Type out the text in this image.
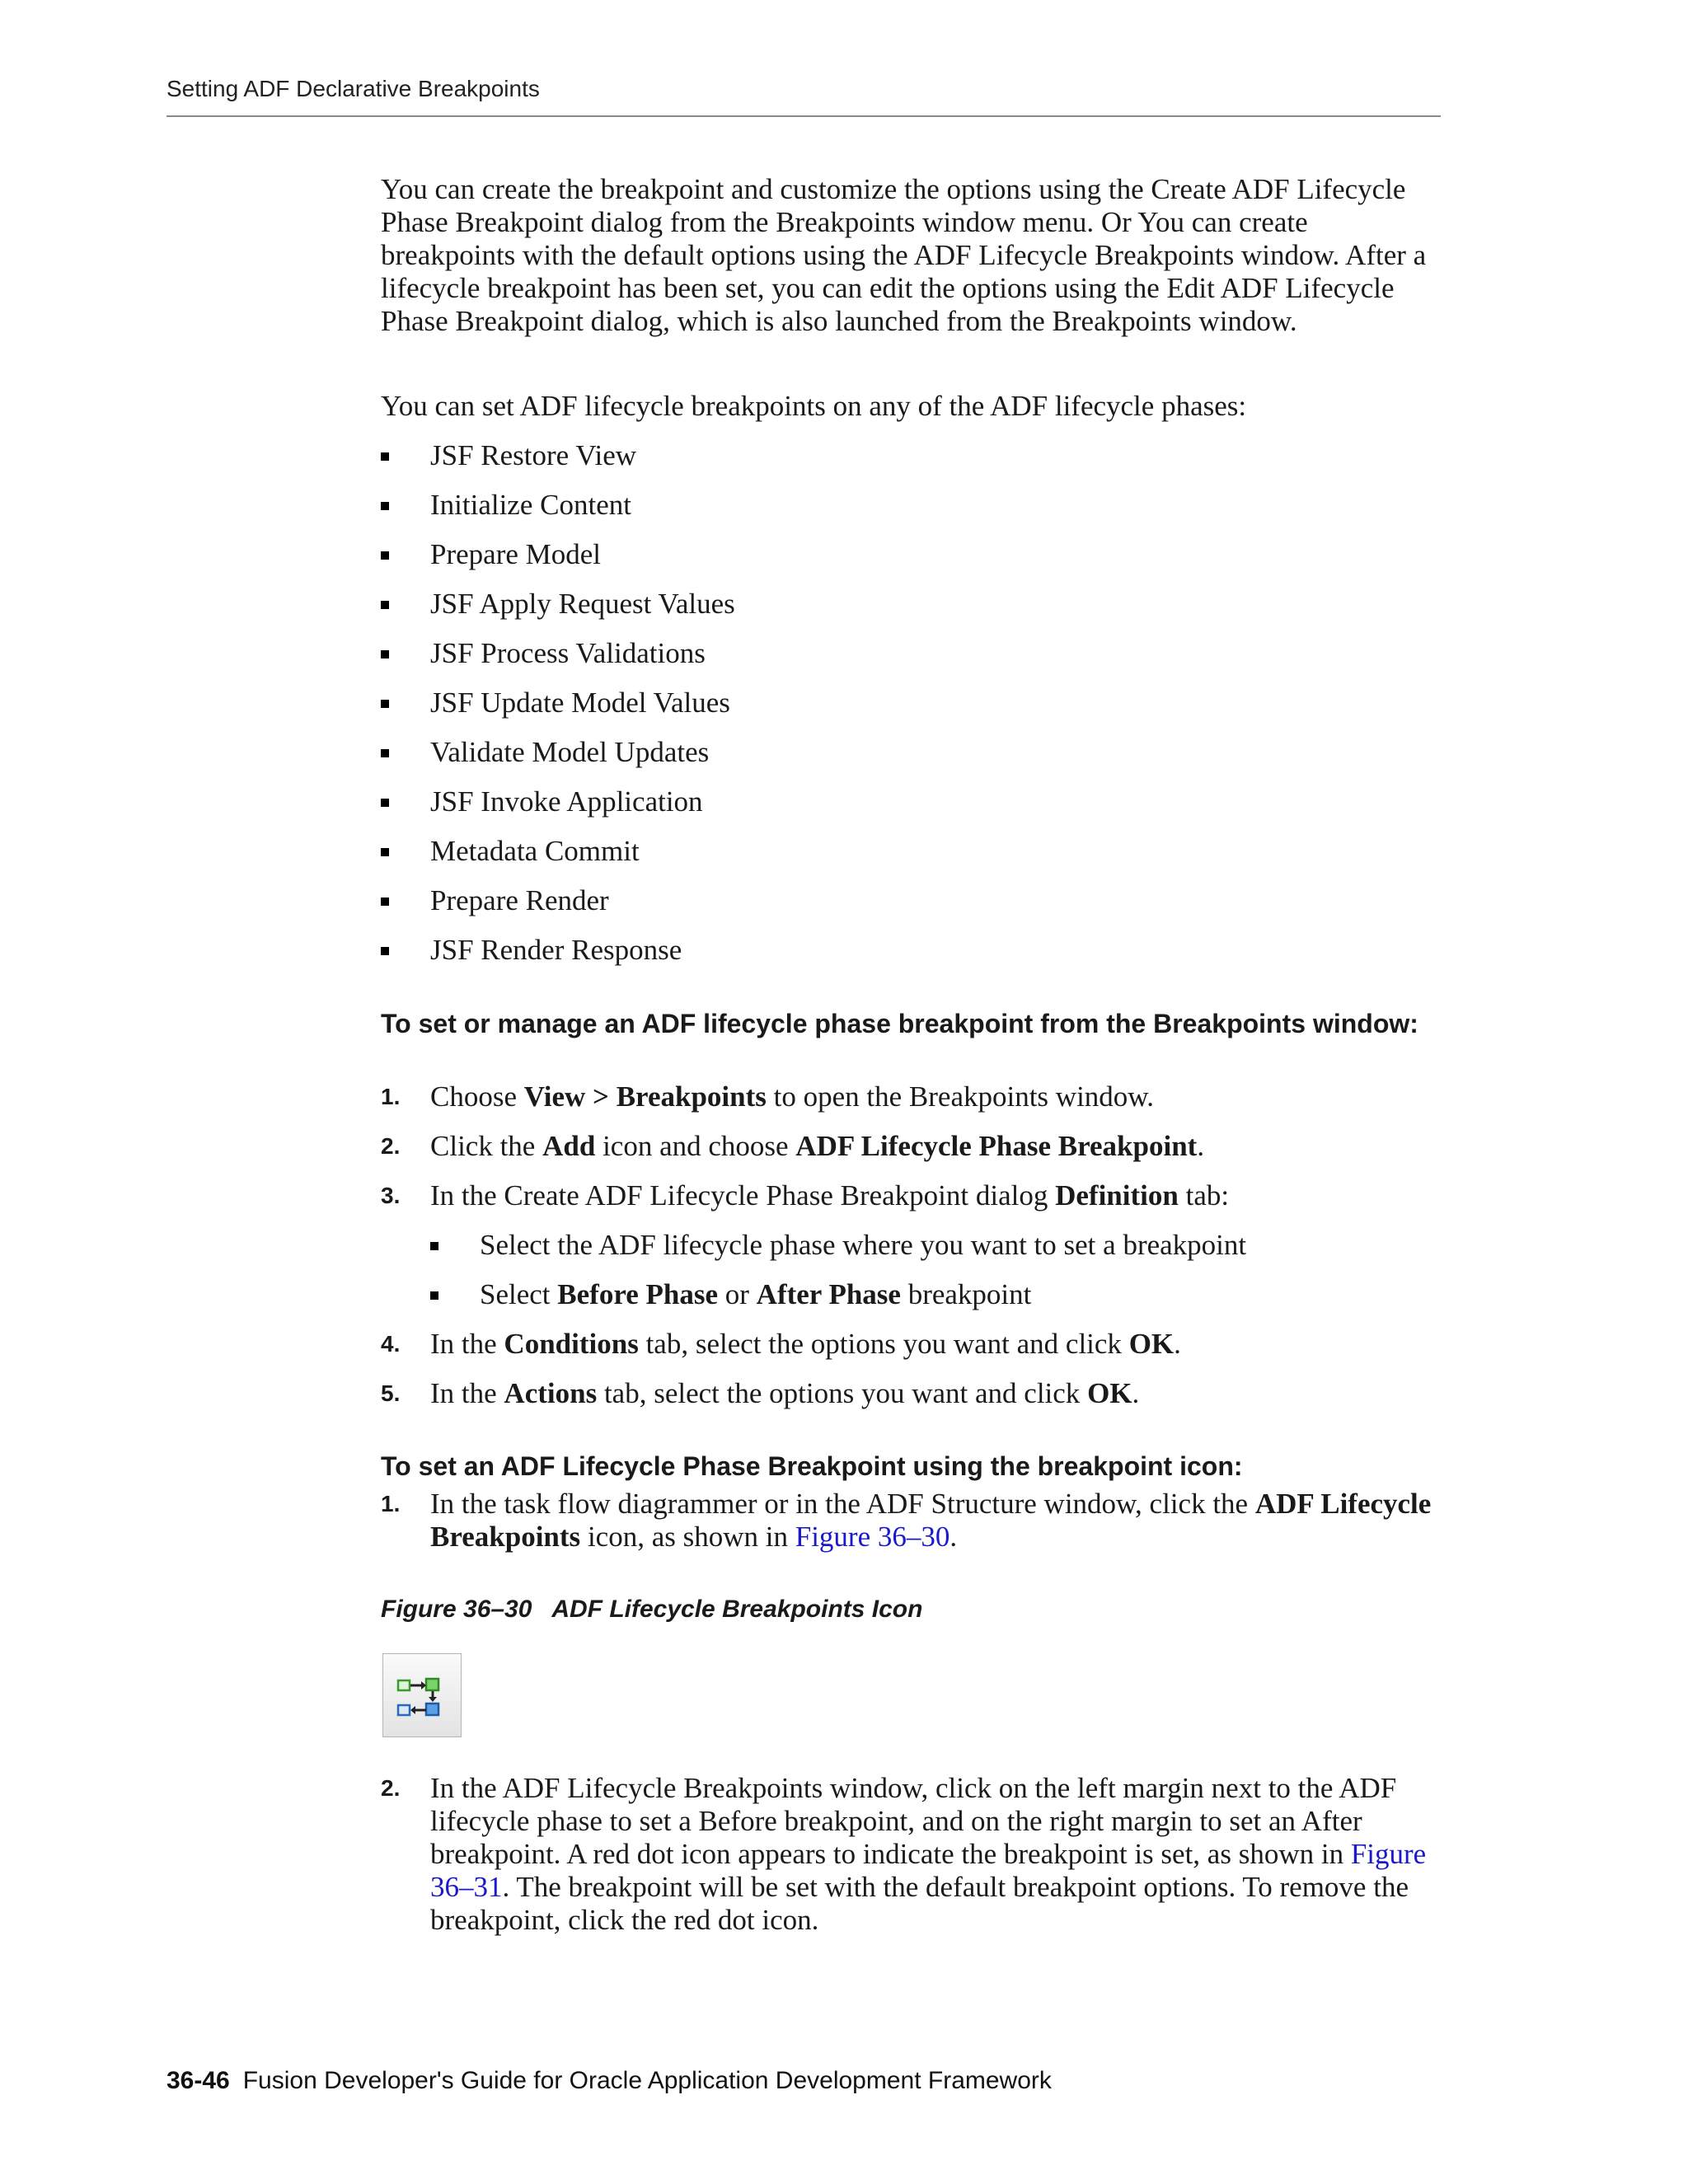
Setting ADF Declarative Breakpoints

You can create the breakpoint and customize the options using the Create ADF Lifecycle Phase Breakpoint dialog from the Breakpoints window menu. Or You can create breakpoints with the default options using the ADF Lifecycle Breakpoints window. After a lifecycle breakpoint has been set, you can edit the options using the Edit ADF Lifecycle Phase Breakpoint dialog, which is also launched from the Breakpoints window.

You can set ADF lifecycle breakpoints on any of the ADF lifecycle phases:

JSF Restore View
Initialize Content
Prepare Model
JSF Apply Request Values
JSF Process Validations
JSF Update Model Values
Validate Model Updates
JSF Invoke Application
Metadata Commit
Prepare Render
JSF Render Response
To set or manage an ADF lifecycle phase breakpoint from the Breakpoints window:
1. Choose View > Breakpoints to open the Breakpoints window.
2. Click the Add icon and choose ADF Lifecycle Phase Breakpoint.
3. In the Create ADF Lifecycle Phase Breakpoint dialog Definition tab:
Select the ADF lifecycle phase where you want to set a breakpoint
Select Before Phase or After Phase breakpoint
4. In the Conditions tab, select the options you want and click OK.
5. In the Actions tab, select the options you want and click OK.
To set an ADF Lifecycle Phase Breakpoint using the breakpoint icon:
1. In the task flow diagrammer or in the ADF Structure window, click the ADF Lifecycle Breakpoints icon, as shown in Figure 36–30.
Figure 36–30 ADF Lifecycle Breakpoints Icon
2. In the ADF Lifecycle Breakpoints window, click on the left margin next to the ADF lifecycle phase to set a Before breakpoint, and on the right margin to set an After breakpoint. A red dot icon appears to indicate the breakpoint is set, as shown in Figure 36–31. The breakpoint will be set with the default breakpoint options. To remove the breakpoint, click the red dot icon.
36-46 Fusion Developer's Guide for Oracle Application Development Framework
